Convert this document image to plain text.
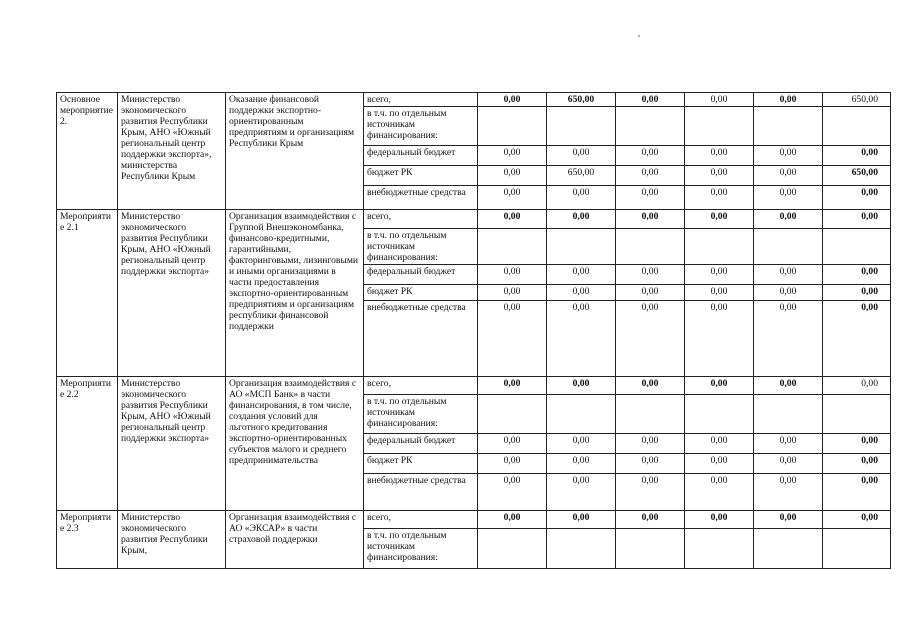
Основное мероприятие 2.	Министерство экономического развития Республики Крым, АНО «Южный региональный центр поддержки экспорта», министерства Республики Крым	Оказание финансовой поддержки экспортно-ориентированным предприятиям и организациям Республики Крым	всего,	0,00	650,00	0,00	0,00	0,00	650,00
			в т.ч. по отдельным источникам финансирования:						
			федеральный бюджет	0,00	0,00	0,00	0,00	0,00	0,00
			бюджет РК	0,00	650,00	0,00	0,00	0,00	650,00
			внебюджетные средства	0,00	0,00	0,00	0,00	0,00	0,00
Мероприятие 2.1	Министерство экономического развития Республики Крым, АНО «Южный региональный центр поддержки экспорта»	Организация взаимодействия с Группой Внешэкономбанка, финансово-кредитными, гарантийными, факторинговыми, лизинговыми и иными организациями в части предоставления экспортно-ориентированным предприятиям и организациям республики финансовой поддержки	всего,	0,00	0,00	0,00	0,00	0,00	0,00
			в т.ч. по отдельным источникам финансирования:						
			федеральный бюджет	0,00	0,00	0,00	0,00	0,00	0,00
			бюджет РК	0,00	0,00	0,00	0,00	0,00	0,00
			внебюджетные средства	0,00	0,00	0,00	0,00	0,00	0,00
Мероприятие 2.2	Министерство экономического развития Республики Крым, АНО «Южный региональный центр поддержки экспорта»	Организация взаимодействия с АО «МСП Банк» в части финансирования, в том числе, создания условий для льготного кредитования экспортно-ориентированных субъектов малого и среднего предпринимательства	всего,	0,00	0,00	0,00	0,00	0,00	0,00
			в т.ч. по отдельным источникам финансирования:						
			федеральный бюджет	0,00	0,00	0,00	0,00	0,00	0,00
			бюджет РК	0,00	0,00	0,00	0,00	0,00	0,00
			внебюджетные средства	0,00	0,00	0,00	0,00	0,00	0,00
Мероприятие 2.3	Министерство экономического развития Республики Крым,	Организация взаимодействия с АО «ЭКСАР» в части страховой поддержки	всего,	0,00	0,00	0,00	0,00	0,00	0,00
			в т.ч. по отдельным источникам финансирования:						
